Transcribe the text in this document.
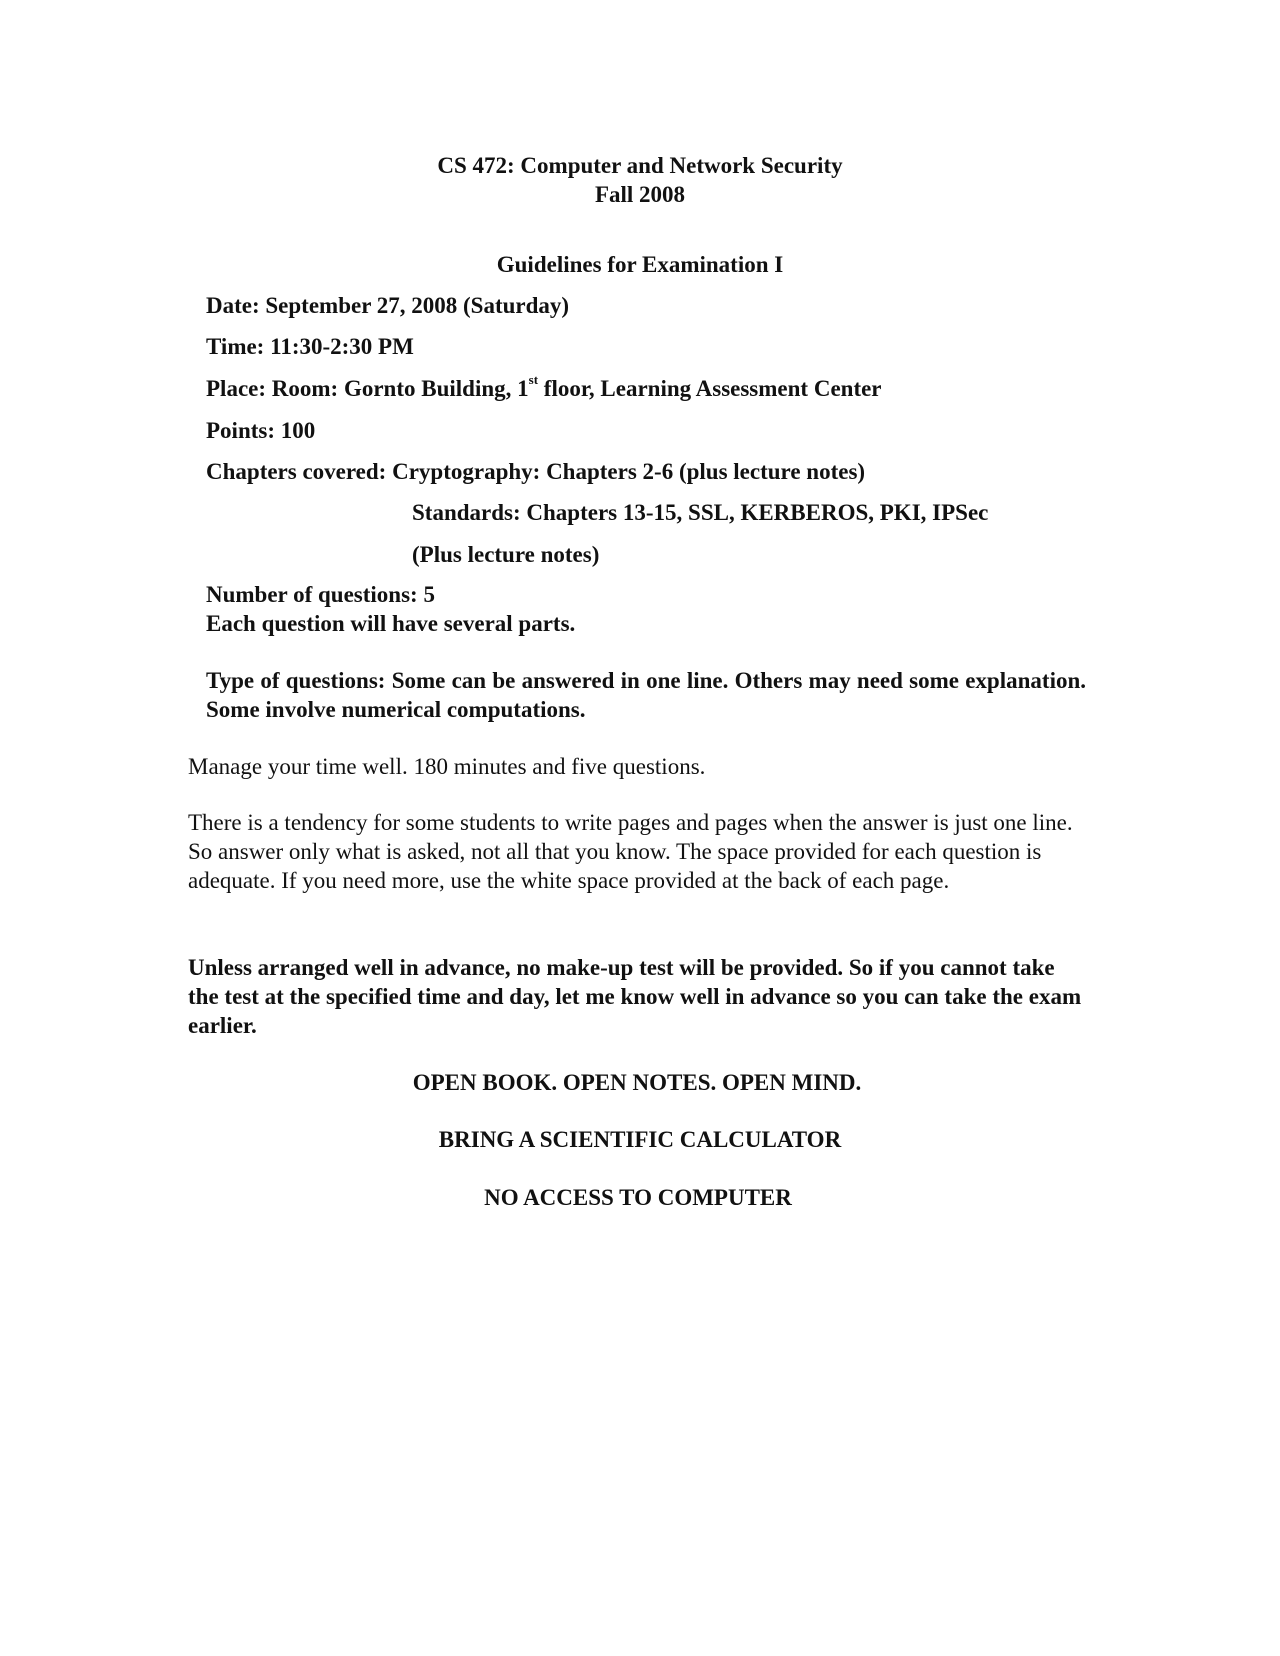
CS 472: Computer and Network Security
Fall 2008
Guidelines for Examination I
Date: September 27, 2008 (Saturday)
Time: 11:30-2:30 PM
Place: Room: Gornto Building, 1st floor, Learning Assessment Center
Points: 100
Chapters covered: Cryptography: Chapters 2-6 (plus lecture notes)
Standards: Chapters 13-15, SSL, KERBEROS, PKI, IPSec
(Plus lecture notes)
Number of questions: 5
Each question will have several parts.
Type of questions: Some can be answered in one line. Others may need some explanation. Some involve numerical computations.
Manage your time well. 180 minutes and five questions.
There is a tendency for some students to write pages and pages when the answer is just one line. So answer only what is asked, not all that you know. The space provided for each question is adequate. If you need more, use the white space provided at the back of each page.
Unless arranged well in advance, no make-up test will be provided. So if you cannot take the test at the specified time and day, let me know well in advance so you can take the exam earlier.
OPEN BOOK. OPEN NOTES. OPEN MIND.
BRING A SCIENTIFIC CALCULATOR
NO ACCESS TO COMPUTER
